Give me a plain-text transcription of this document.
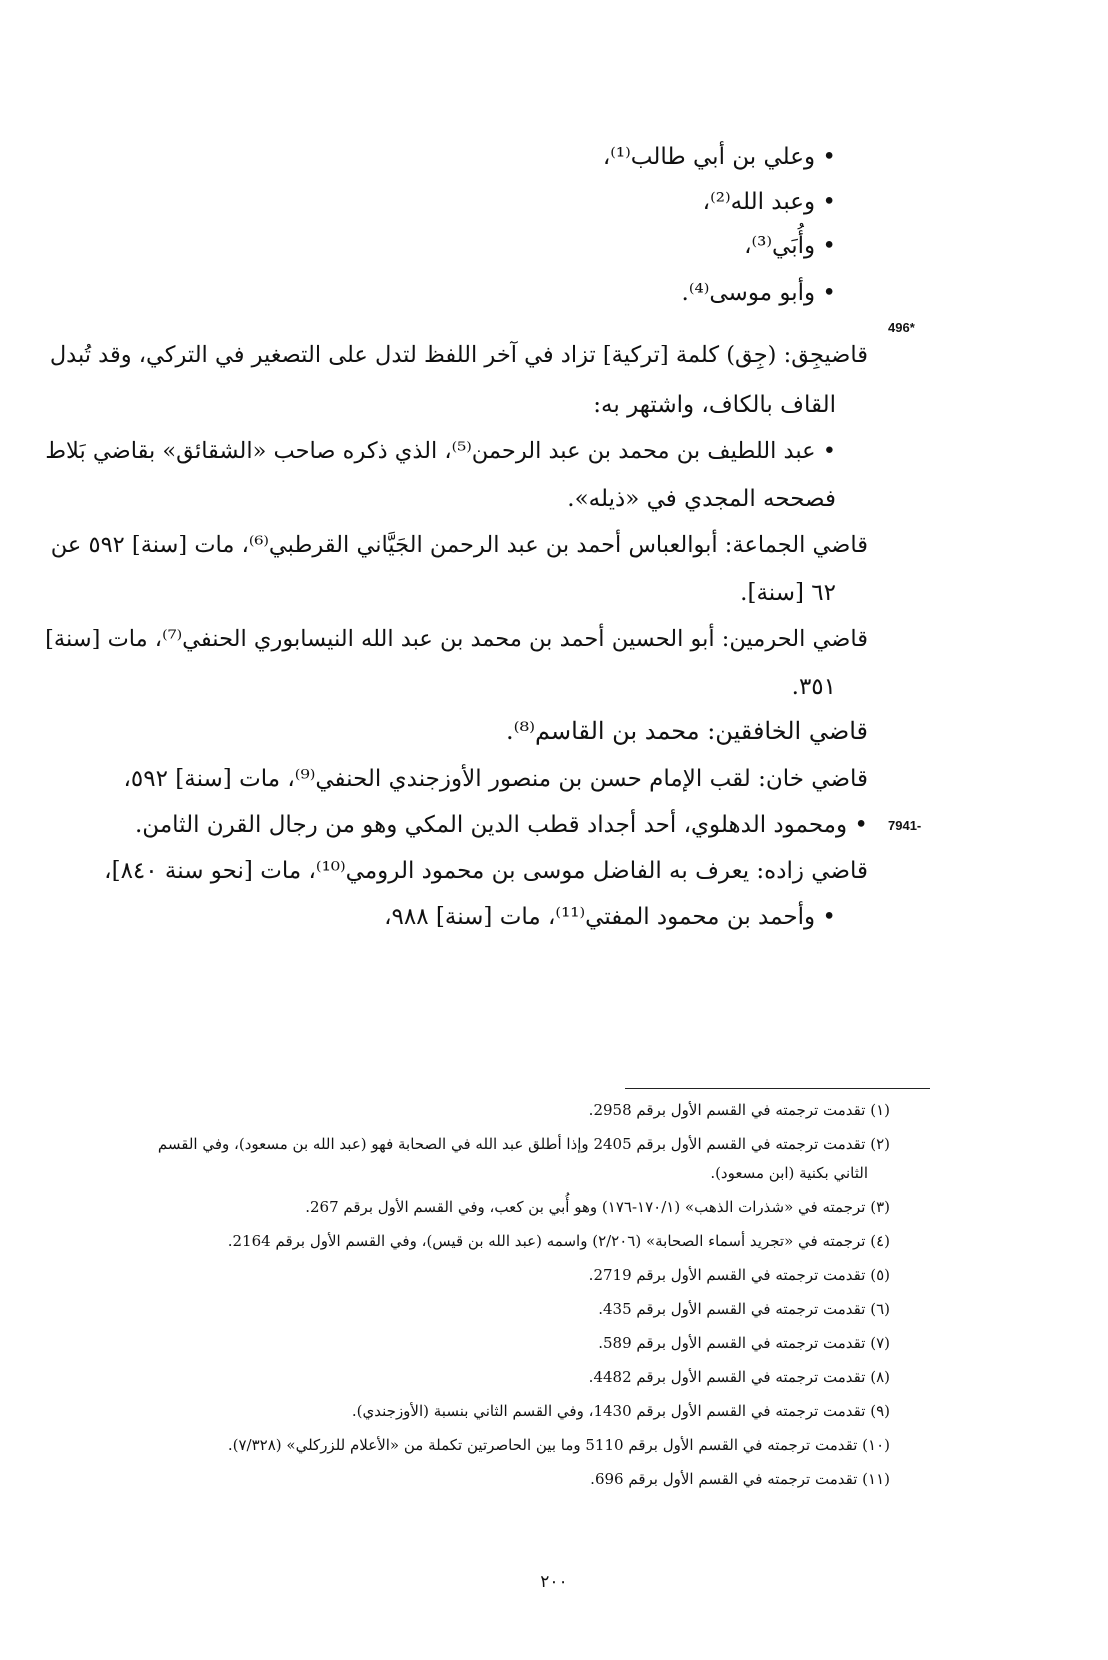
496*
7941-
• وعلي بن أبي طالب⁽¹⁾،
• وعبد الله⁽²⁾،
• وأُبَي⁽³⁾،
• وأبو موسى⁽⁴⁾.
قاضيجِق: (جِق) كلمة [تركية] تزاد في آخر اللفظ لتدل على التصغير في التركي، وقد تُبدل
القاف بالكاف، واشتهر به:
• عبد اللطيف بن محمد بن عبد الرحمن⁽⁵⁾، الذي ذكره صاحب «الشقائق» بقاضي بَلاط
فصححه المجدي في «ذيله».
قاضي الجماعة: أبوالعباس أحمد بن عبد الرحمن الجَيَّاني القرطبي⁽⁶⁾، مات [سنة] ٥٩٢ عن
٦٢ [سنة].
قاضي الحرمين: أبو الحسين أحمد بن محمد بن عبد الله النيسابوري الحنفي⁽⁷⁾، مات [سنة]
٣٥١.
قاضي الخافقين: محمد بن القاسم⁽⁸⁾.
قاضي خان: لقب الإمام حسن بن منصور الأوزجندي الحنفي⁽⁹⁾، مات [سنة] ٥٩٢،
• ومحمود الدهلوي، أحد أجداد قطب الدين المكي وهو من رجال القرن الثامن.
قاضي زاده: يعرف به الفاضل موسى بن محمود الرومي⁽¹⁰⁾، مات [نحو سنة ٨٤٠]،
• وأحمد بن محمود المفتي⁽¹¹⁾، مات [سنة] ٩٨٨،
(١) تقدمت ترجمته في القسم الأول برقم 2958.
(٢) تقدمت ترجمته في القسم الأول برقم 2405 وإذا أطلق عبد الله في الصحابة فهو (عبد الله بن مسعود)، وفي القسم
الثاني بكنية (ابن مسعود).
(٣) ترجمته في «شذرات الذهب» (١٧٠/١-١٧٦) وهو أُبي بن كعب، وفي القسم الأول برقم 267.
(٤) ترجمته في «تجريد أسماء الصحابة» (٢/٢٠٦) واسمه (عبد الله بن قيس)، وفي القسم الأول برقم 2164.
(٥) تقدمت ترجمته في القسم الأول برقم 2719.
(٦) تقدمت ترجمته في القسم الأول برقم 435.
(٧) تقدمت ترجمته في القسم الأول برقم 589.
(٨) تقدمت ترجمته في القسم الأول برقم 4482.
(٩) تقدمت ترجمته في القسم الأول برقم 1430، وفي القسم الثاني بنسبة (الأوزجندي).
(١٠) تقدمت ترجمته في القسم الأول برقم 5110 وما بين الحاصرتين تكملة من «الأعلام للزركلي» (٧/٣٢٨).
(١١) تقدمت ترجمته في القسم الأول برقم 696.
٢٠٠
